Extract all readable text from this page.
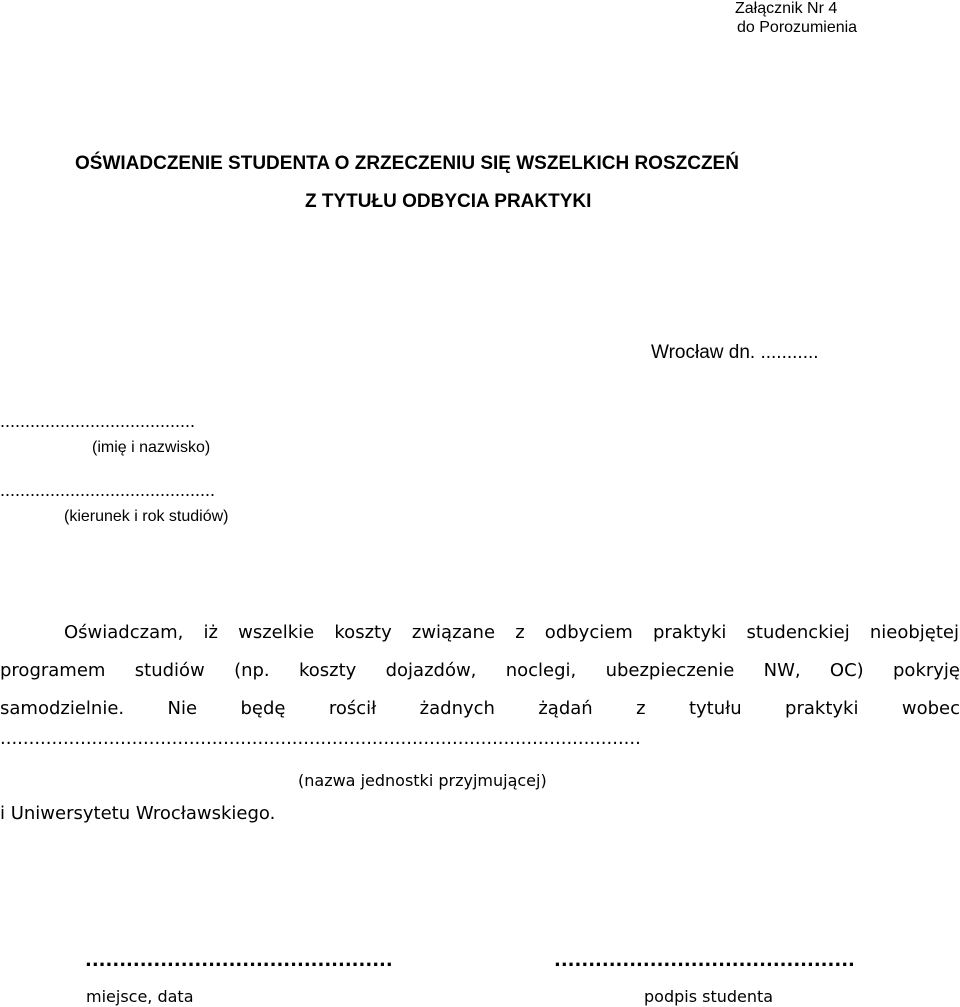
Załącznik Nr 4
do Porozumienia
OŚWIADCZENIE STUDENTA O ZRZECZENIU SIĘ WSZELKICH ROSZCZEŃ
Z TYTUŁU ODBYCIA PRAKTYKI
Wrocław dn. ...........
.......................................
(imię i nazwisko)
...........................................
(kierunek i rok studiów)
Oświadczam, iż wszelkie koszty związane z odbyciem praktyki studenckiej nieobjętej
programem studiów (np. koszty dojazdów, noclegi, ubezpieczenie NW, OC) pokryję
samodzielnie. Nie będę rościł żadnych żądań z tytułu praktyki wobec
................................................................................................................
(nazwa jednostki przyjmującej)
i Uniwersytetu Wrocławskiego.
.............................................	............................................
miejsce, data	podpis studenta
